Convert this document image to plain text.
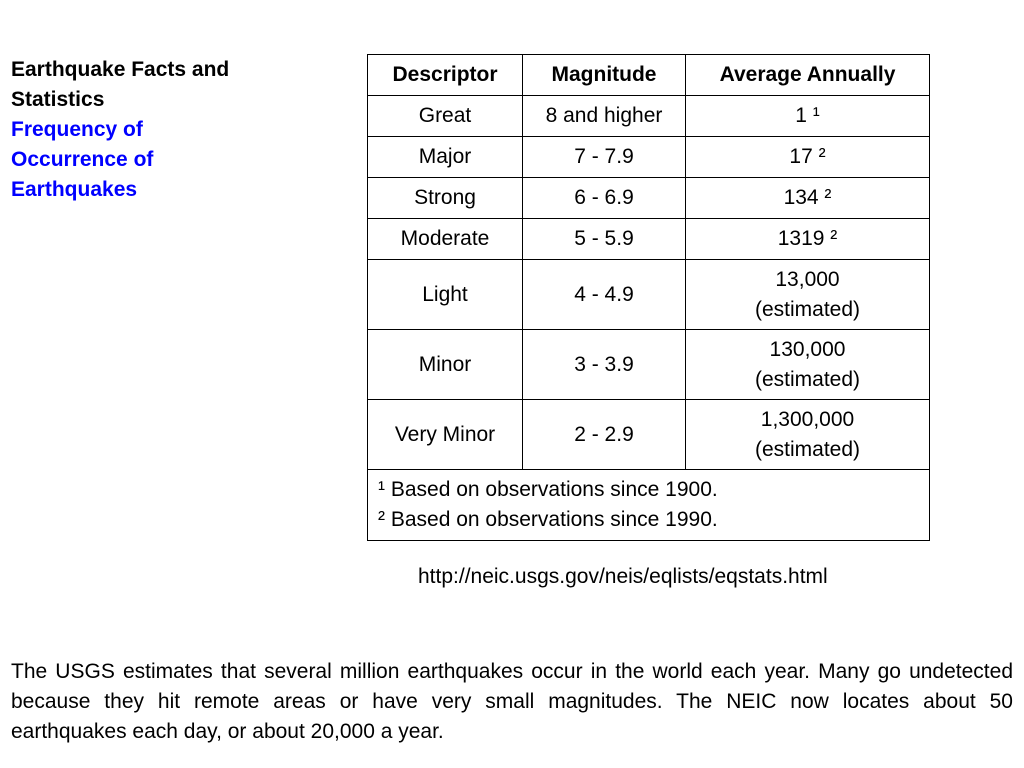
Earthquake Facts and Statistics
Frequency of Occurrence of Earthquakes
Descriptor	Magnitude	Average Annually
Great	8 and higher	1 ¹
Major	7 - 7.9	17 ²
Strong	6 - 6.9	134 ²
Moderate	5 - 5.9	1319 ²
Light	4 - 4.9	13,000
(estimated)

Minor	3 - 3.9	130,000
(estimated)

Very Minor	2 - 2.9	1,300,000
(estimated)

¹ Based on observations since 1900.
² Based on observations since 1990.		
http://neic.usgs.gov/neis/eqlists/eqstats.html
The USGS estimates that several million earthquakes occur in the world each year. Many go undetected because they hit remote areas or have very small magnitudes. The NEIC now locates about 50 earthquakes each day, or about 20,000 a year.
